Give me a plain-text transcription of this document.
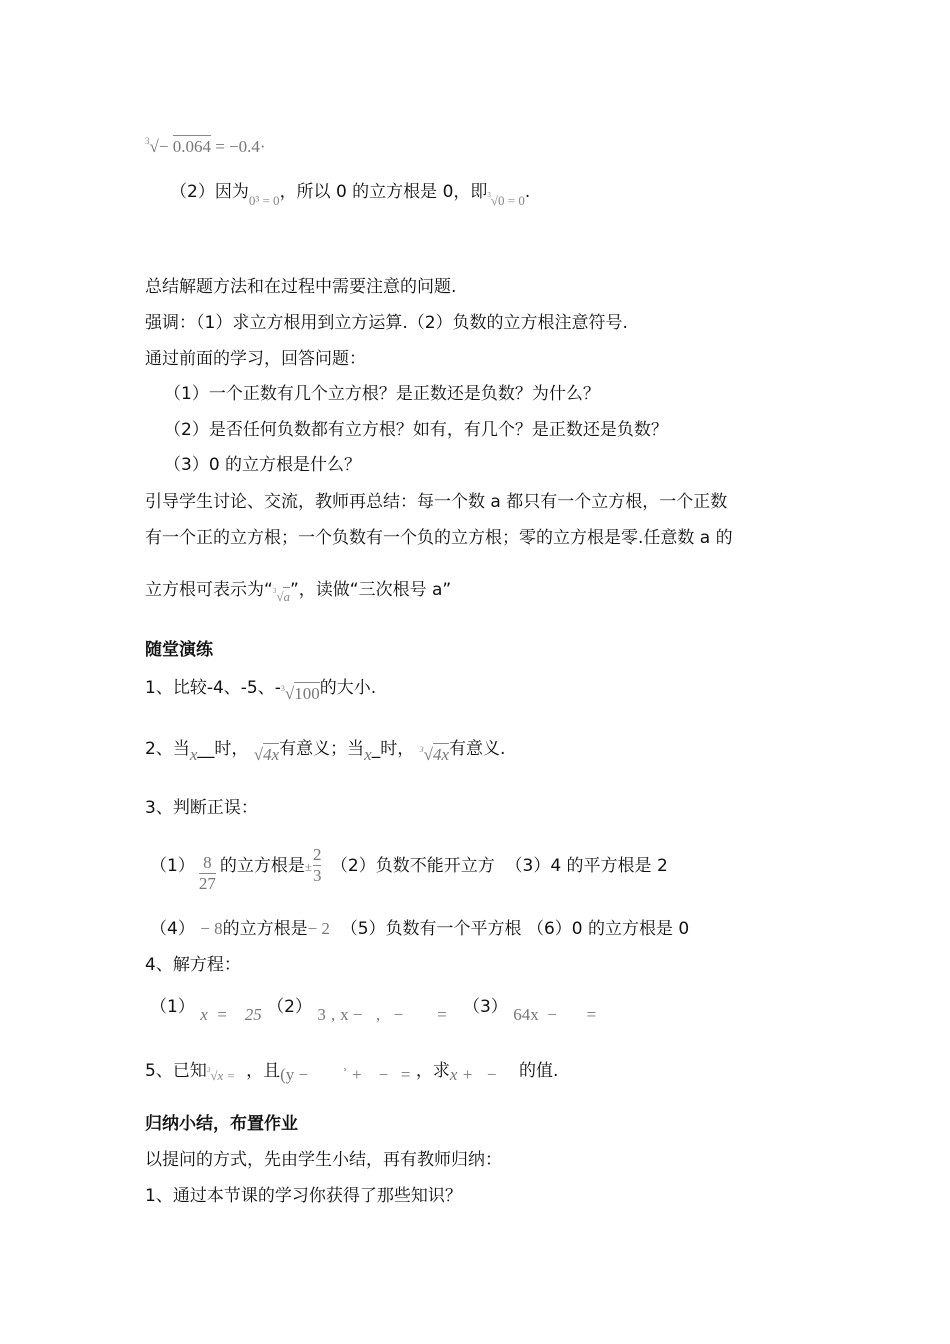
$^3$√− 0.064 = −0.4·
（2）因为$_{0^3 = 0}$，所以 0 的立方根是 0，即$_{^3√0 = 0}$.
总结解题方法和在过程中需要注意的问题.
强调：（1）求立方根用到立方运算.（2）负数的立方根注意符号.
通过前面的学习，回答问题：
（1）一个正数有几个立方根？是正数还是负数？为什么？
（2）是否任何负数都有立方根？如有，有几个？是正数还是负数？
（3）0 的立方根是什么？
引导学生讨论、交流，教师再总结：每一个数 a 都只有一个立方根，一个正数
有一个正的立方根；一个负数有一个负的立方根；零的立方根是零.任意数 a 的
立方根可表示为“$_{^3√a}$”，读做“三次根号 a”
随堂演练
1、比较-4、-5、-$^3$√100的大小.
2、当x__时， √4x有意义；当x_时， $^3$√4x有意义.
3、判断正误：
$(1) \frac{8}{27}$ 的立方根是± $\frac{2}{3} (2)$负数不能开立方 （3）4 的平方根是 2
（4） − 8的立方根是− 2 （5）负数有一个平方根 （6）0 的立方根是 0
4、解方程：
（1） x  =    25 （2） 3 ‚ x −   ‚   −        = （3） 64x  −       =
5、已知$_{^3√x =}$ ，且(y −        ʾ +    −   = ，求x +   − 的值.
归纳小结，布置作业
以提问的方式，先由学生小结，再有教师归纳：
1、通过本节课的学习你获得了那些知识？
